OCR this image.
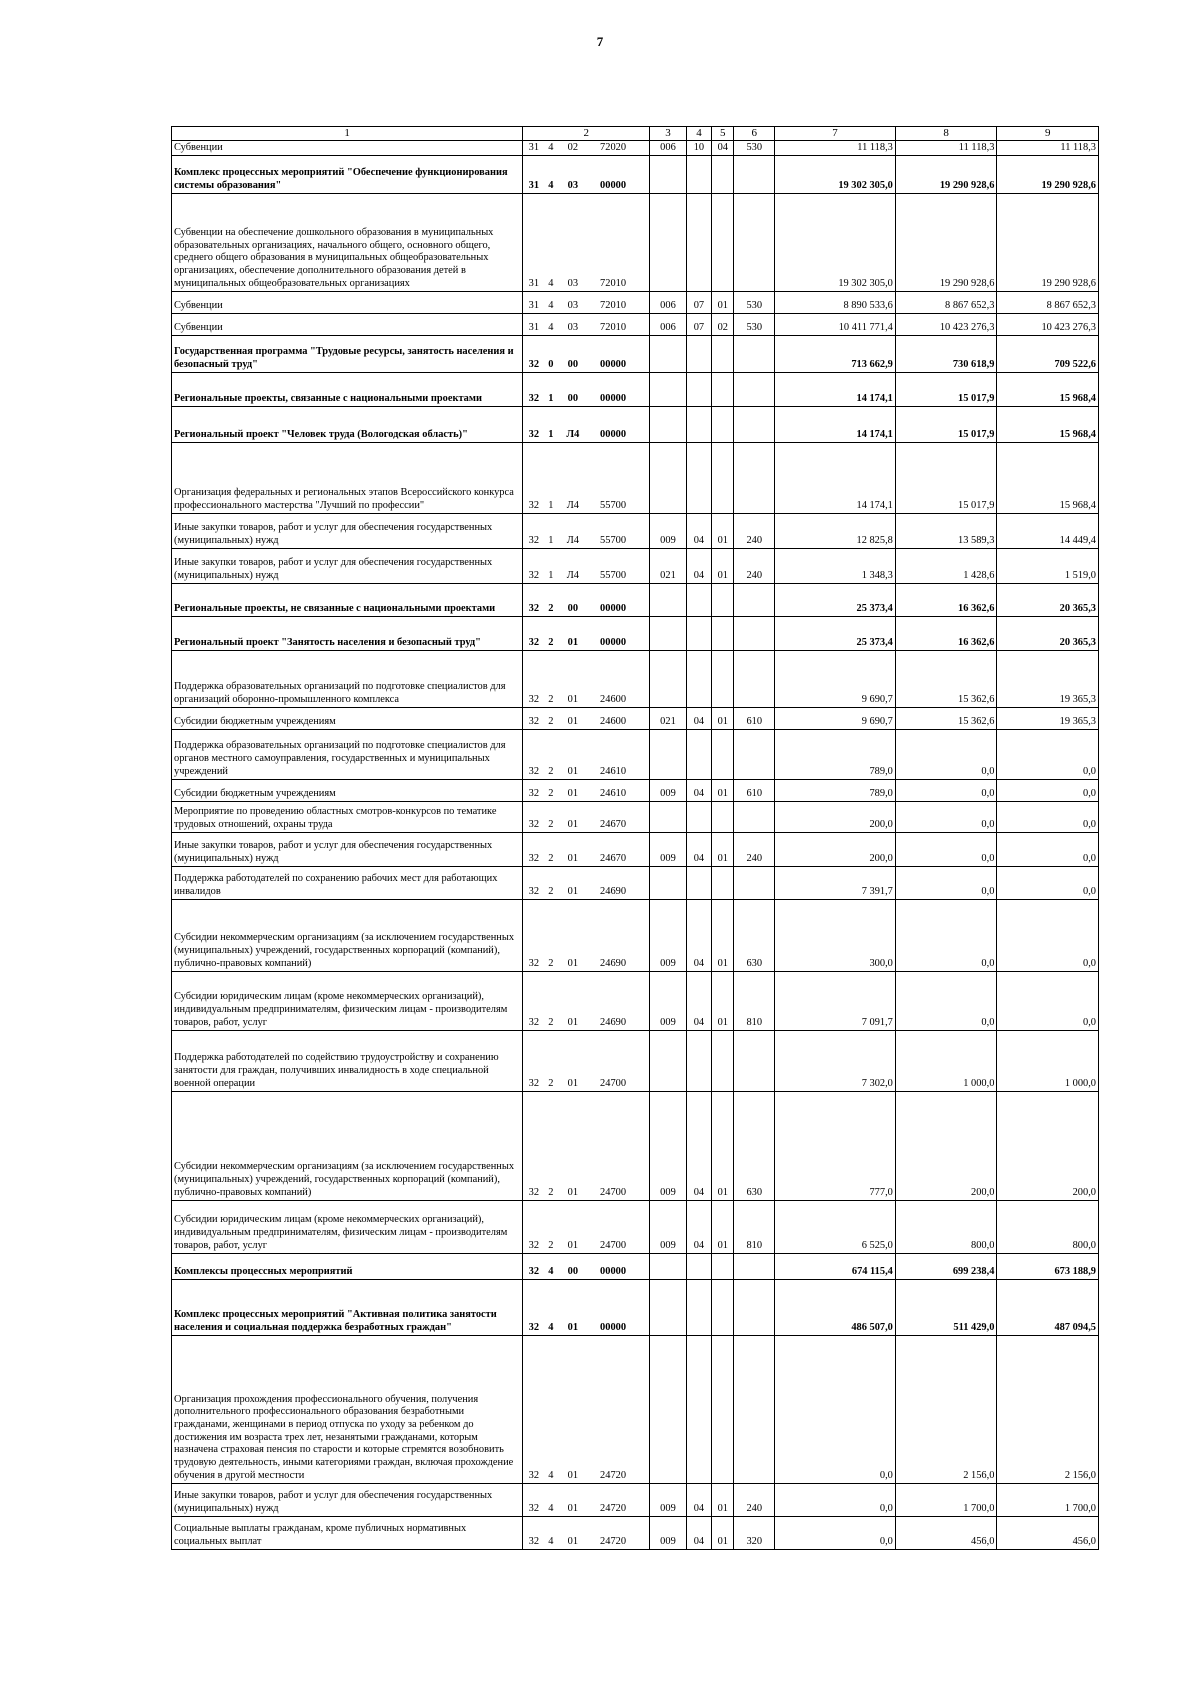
7
1	2	3	4	5	6	7	8	9
Субвенции	31 4 02 72020	006	10	04	530	11 118,3	11 118,3	11 118,3
Комплекс процессных мероприятий "Обеспечение функционирования системы образования"	31 4 03 00000					19 302 305,0	19 290 928,6	19 290 928,6
Субвенции на обеспечение дошкольного образования в муниципальных образовательных организациях, начального общего, основного общего, среднего общего образования в муниципальных общеобразовательных организациях, обеспечение дополнительного образования детей в муниципальных общеобразовательных организациях	31 4 03 72010					19 302 305,0	19 290 928,6	19 290 928,6
Субвенции	31 4 03 72010	006	07	01	530	8 890 533,6	8 867 652,3	8 867 652,3
Субвенции	31 4 03 72010	006	07	02	530	10 411 771,4	10 423 276,3	10 423 276,3
Государственная программа "Трудовые ресурсы, занятость населения и безопасный труд"	32 0 00 00000					713 662,9	730 618,9	709 522,6
Региональные проекты, связанные с национальными проектами	32 1 00 00000					14 174,1	15 017,9	15 968,4
Региональный проект "Человек труда (Вологодская область)"	32 1 Л4 00000					14 174,1	15 017,9	15 968,4
Организация федеральных и региональных этапов Всероссийского конкурса профессионального мастерства "Лучший по профессии"	32 1 Л4 55700					14 174,1	15 017,9	15 968,4
Иные закупки товаров, работ и услуг для обеспечения государственных (муниципальных) нужд	32 1 Л4 55700	009	04	01	240	12 825,8	13 589,3	14 449,4
Иные закупки товаров, работ и услуг для обеспечения государственных (муниципальных) нужд	32 1 Л4 55700	021	04	01	240	1 348,3	1 428,6	1 519,0
Региональные проекты, не связанные с национальными проектами	32 2 00 00000					25 373,4	16 362,6	20 365,3
Региональный проект "Занятость населения и безопасный труд"	32 2 01 00000					25 373,4	16 362,6	20 365,3
Поддержка образовательных организаций по подготовке специалистов для организаций оборонно-промышленного комплекса	32 2 01 24600					9 690,7	15 362,6	19 365,3
Субсидии бюджетным учреждениям	32 2 01 24600	021	04	01	610	9 690,7	15 362,6	19 365,3
Поддержка образовательных организаций по подготовке специалистов для органов местного самоуправления, государственных и муниципальных учреждений	32 2 01 24610					789,0	0,0	0,0
Субсидии бюджетным учреждениям	32 2 01 24610	009	04	01	610	789,0	0,0	0,0
Мероприятие по проведению областных смотров-конкурсов по тематике трудовых отношений, охраны труда	32 2 01 24670					200,0	0,0	0,0
Иные закупки товаров, работ и услуг для обеспечения государственных (муниципальных) нужд	32 2 01 24670	009	04	01	240	200,0	0,0	0,0
Поддержка работодателей по сохранению рабочих мест для работающих инвалидов	32 2 01 24690					7 391,7	0,0	0,0
Субсидии некоммерческим организациям (за исключением государственных (муниципальных) учреждений, государственных корпораций (компаний), публично-правовых компаний)	32 2 01 24690	009	04	01	630	300,0	0,0	0,0
Субсидии юридическим лицам (кроме некоммерческих организаций), индивидуальным предпринимателям, физическим лицам - производителям товаров, работ, услуг	32 2 01 24690	009	04	01	810	7 091,7	0,0	0,0
Поддержка работодателей по содействию трудоустройству и сохранению занятости для граждан, получивших инвалидность в ходе специальной военной операции	32 2 01 24700					7 302,0	1 000,0	1 000,0
Субсидии некоммерческим организациям (за исключением государственных (муниципальных) учреждений, государственных корпораций (компаний), публично-правовых компаний)	32 2 01 24700	009	04	01	630	777,0	200,0	200,0
Субсидии юридическим лицам (кроме некоммерческих организаций), индивидуальным предпринимателям, физическим лицам - производителям товаров, работ, услуг	32 2 01 24700	009	04	01	810	6 525,0	800,0	800,0
Комплексы процессных мероприятий	32 4 00 00000					674 115,4	699 238,4	673 188,9
Комплекс процессных мероприятий "Активная политика занятости населения и социальная поддержка безработных граждан"	32 4 01 00000					486 507,0	511 429,0	487 094,5
Организация прохождения профессионального обучения, получения дополнительного профессионального образования безработными гражданами, женщинами в период отпуска по уходу за ребенком до достижения им возраста трех лет, незанятыми гражданами, которым назначена страховая пенсия по старости и которые стремятся возобновить трудовую деятельность, иными категориями граждан, включая прохождение обучения в другой местности	32 4 01 24720					0,0	2 156,0	2 156,0
Иные закупки товаров, работ и услуг для обеспечения государственных (муниципальных) нужд	32 4 01 24720	009	04	01	240	0,0	1 700,0	1 700,0
Социальные выплаты гражданам, кроме публичных нормативных социальных выплат	32 4 01 24720	009	04	01	320	0,0	456,0	456,0
